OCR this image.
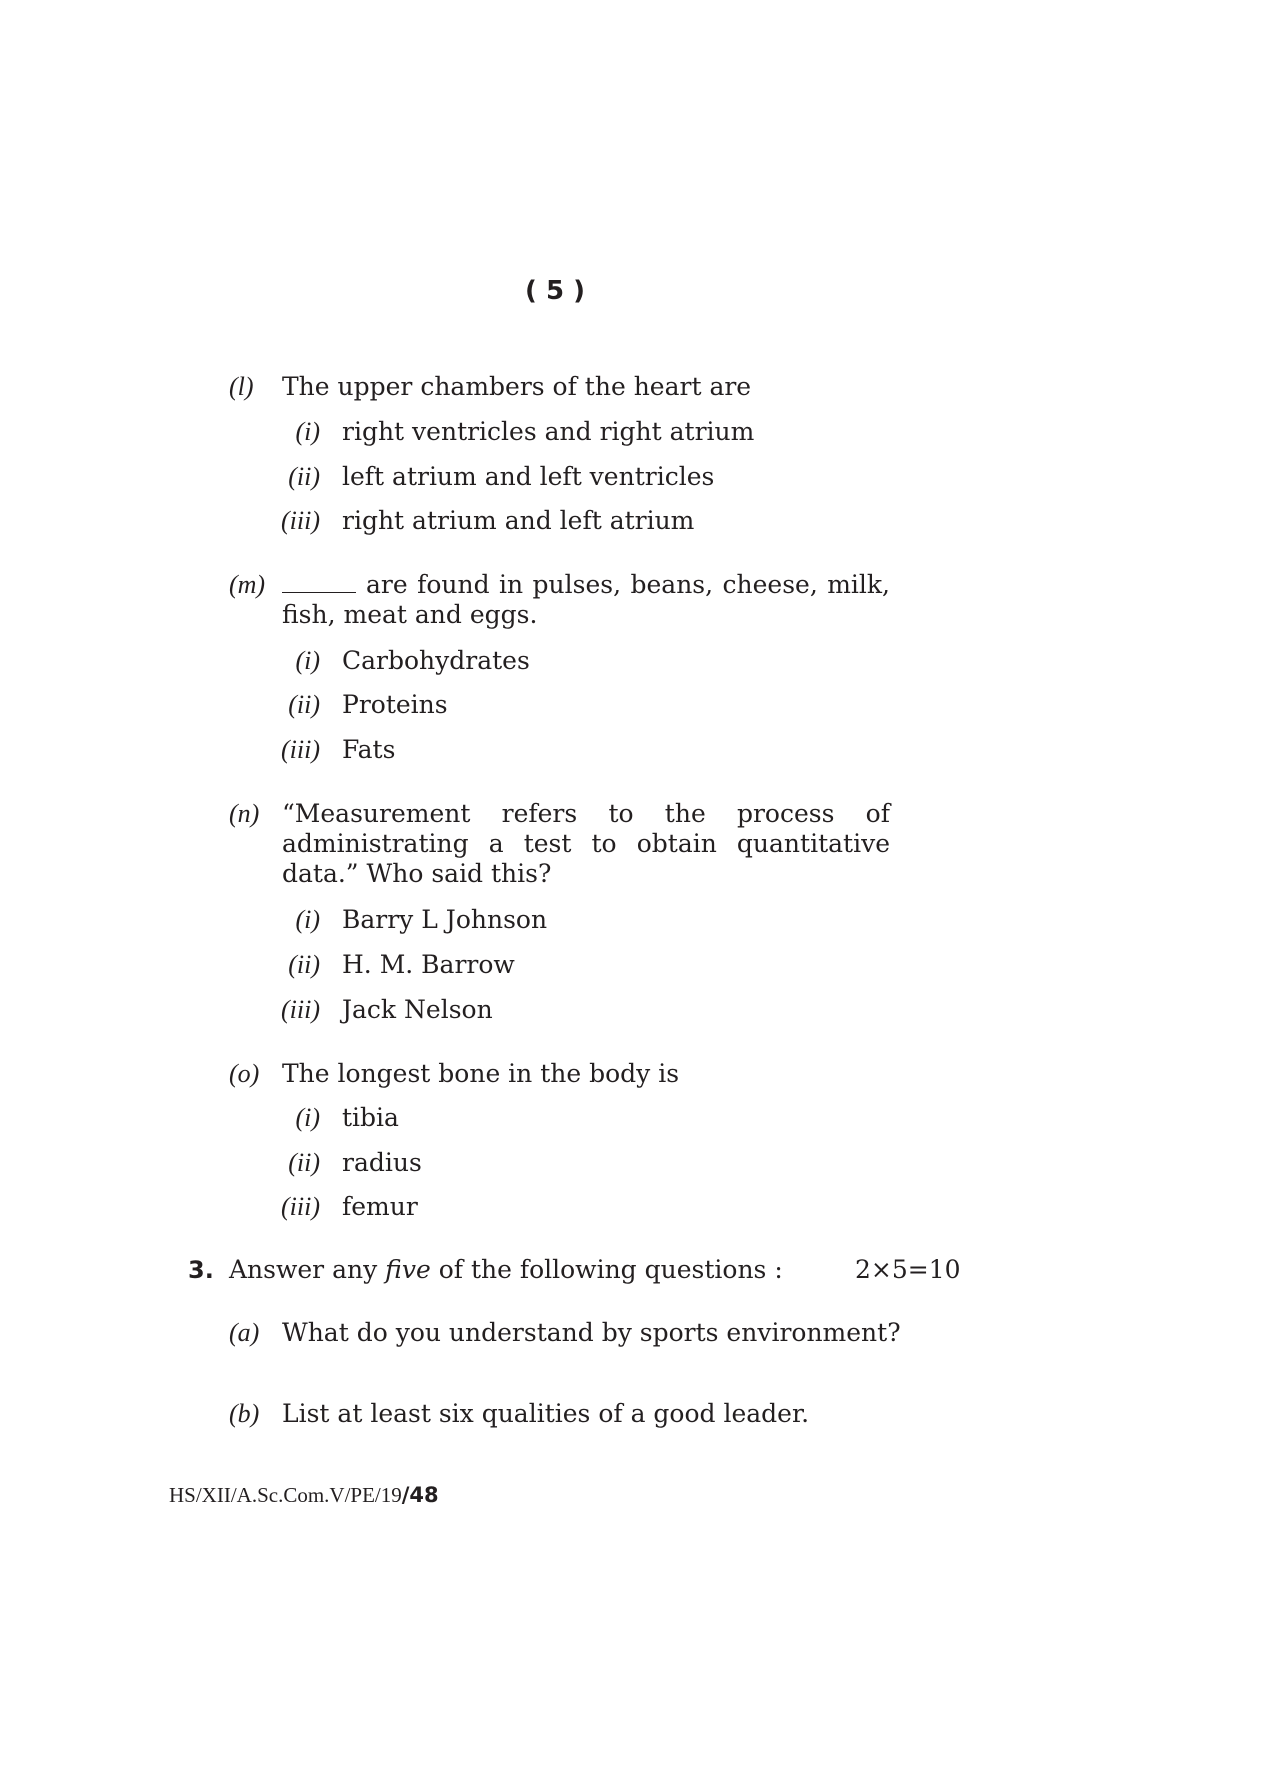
( 5 )
(l) The upper chambers of the heart are
(i) right ventricles and right atrium
(ii) left atrium and left ventricles
(iii) right atrium and left atrium
(m)	are found in pulses, beans, cheese, milk,
fish, meat and eggs.
(i) Carbohydrates
(ii) Proteins
(iii) Fats
(n) “Measurement refers to the process of
administrating a test to obtain quantitative
data.” Who said this?
(i) Barry L Johnson
(ii) H. M. Barrow
(iii) Jack Nelson
(o) The longest bone in the body is
(i) tibia
(ii) radius
(iii) femur
3. Answer any five of the following questions :	2×5=10
(a) What do you understand by sports environment?
(b) List at least six qualities of a good leader.
HS/XII/A.Sc.Com.V/PE/19/48
